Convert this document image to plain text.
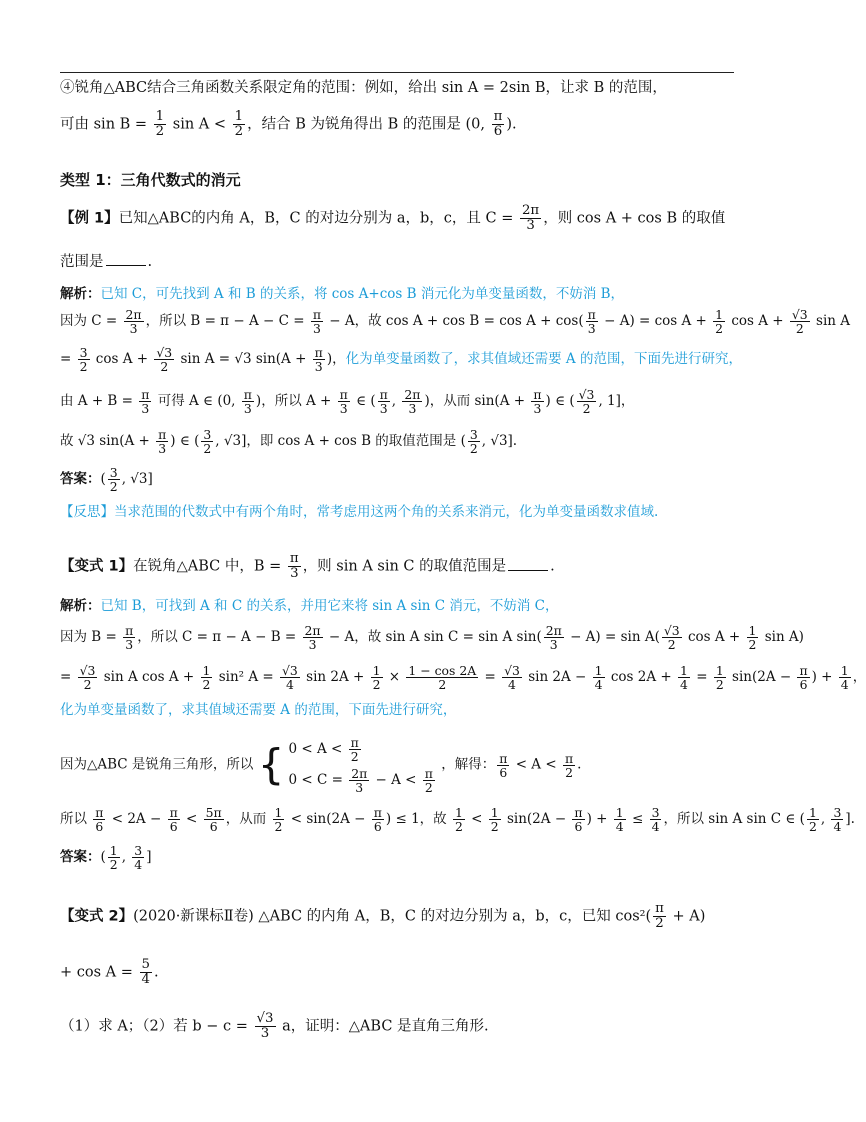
④锐角△ABC结合三角函数关系限定角的范围：例如，给出 sin A = 2sin B，让求 B 的范围，
可由 $\sin B = \frac{1}{2}$ $\sin A < \frac{1}{2}$ ，结合 B 为锐角得出 B 的范围是 (0, $\frac{\pi}{6}$ ).
类型 1：三角代数式的消元
【例 1】已知△ABC的内角 A，B，C 的对边分别为 a，b，c，且 $C = \frac{2\pi}{3}$ ，则 cos A + cos B 的取值
范围是	.
解析：已知 C，可先找到 A 和 B 的关系，将 cos A+cos B 消元化为单变量函数，不妨消 B，
因为 $C = \frac{2\pi}{3}$ ，所以 $B = \pi - A - C = \frac{\pi}{3} - A$，故 $\cos A + \cos B = \cos A + \cos( \frac{\pi}{3} - A) = \cos A + \frac{1}{2}$ $\cos A + \frac{√3}{2}$ sin A
= $\frac{3}{2}$ $\cos A + \frac{√3}{2}$ sin A = √3 $\sin(A + \frac{\pi}{3}$ )，化为单变量函数了，求其值域还需要 A 的范围，下面先进行研究，
由 $A + B = \frac{\pi}{3}$ 可得 A ∈ (0, $\frac{\pi}{3}$ )，所以 $A + \frac{\pi}{3}$ ∈ ( $\frac{\pi}{3}$ , $\frac{2\pi}{3}$ )，从而 $\sin(A + \frac{\pi}{3}$ ) ∈ ( $\frac{√3}{2}$ , 1]，
故 √3 $\sin(A + \frac{\pi}{3}$ ) ∈ ( $\frac{3}{2}$ , √3]，即 cos A + cos B 的取值范围是 ( $\frac{3}{2}$ , √3].
答案：( $\frac{3}{2}$ , √3]
【反思】当求范围的代数式中有两个角时，常考虑用这两个角的关系来消元，化为单变量函数求值域.
【变式 1】在锐角△ABC 中，$B = \frac{\pi}{3}$ ，则 sin A sin C 的取值范围是	.
解析：已知 B，可找到 A 和 C 的关系，并用它来将 sin A sin C 消元，不妨消 C，
因为 $B = \frac{\pi}{3}$ ，所以 $C = \pi - A - B = \frac{2\pi}{3} - A$，故 sin A sin C = sin A $\sin( \frac{2\pi}{3} - A) = \sin A( \frac{√3}{2}$ $\cos A + \frac{1}{2}$ sin A)
= $\frac{√3}{2}$ sin A $\cos A + \frac{1}{2} \sin^2$ $A = \frac{√3}{4}$ $\sin 2A + \frac{1}{2} \times \frac{1 - \cos 2A}{2} = \frac{√3}{4}$ $\sin 2A - \frac{1}{4}$ $\cos 2A + \frac{1}{4} = \frac{1}{2} \sin(2A - \frac{\pi}{6}$ ) + $\frac{1}{4}$ ，
化为单变量函数了，求其值域还需要 A 的范围，下面先进行研究，
因为△ABC 是锐角三角形，所以 { $0 < A < \frac{\pi}{2}$
$0 < C = \frac{2\pi}{3} - A < \frac{\pi}{2}$
，解得： $\frac{\pi}{6} < A < \frac{\pi}{2}$ .
所以 $\frac{\pi}{6} < 2A - \frac{\pi}{6} < \frac{5\pi}{6}$ ，从而 $\frac{1}{2} < \sin(2A - \frac{\pi}{6}$ ) ≤ 1，故 $\frac{1}{2} < \frac{1}{2} \sin(2A - \frac{\pi}{6}$ ) + $\frac{1}{4} \le \frac{3}{4}$ ，所以 sin A sin C ∈ ( $\frac{1}{2}$ , $\frac{3}{4}$ ].
答案：( $\frac{1}{2}$ , $\frac{3}{4}$ ]
【变式 2】(2020·新课标Ⅱ卷) △ABC 的内角 A，B，C 的对边分别为 a，b，c，已知 $\cos^2( \frac{\pi}{2} + A)$
+ $\cos A = \frac{5}{4}$ .
（1）求 A；（2）若 $b - c = \frac{√3}{3}$ a，证明：△ABC 是直角三角形.
